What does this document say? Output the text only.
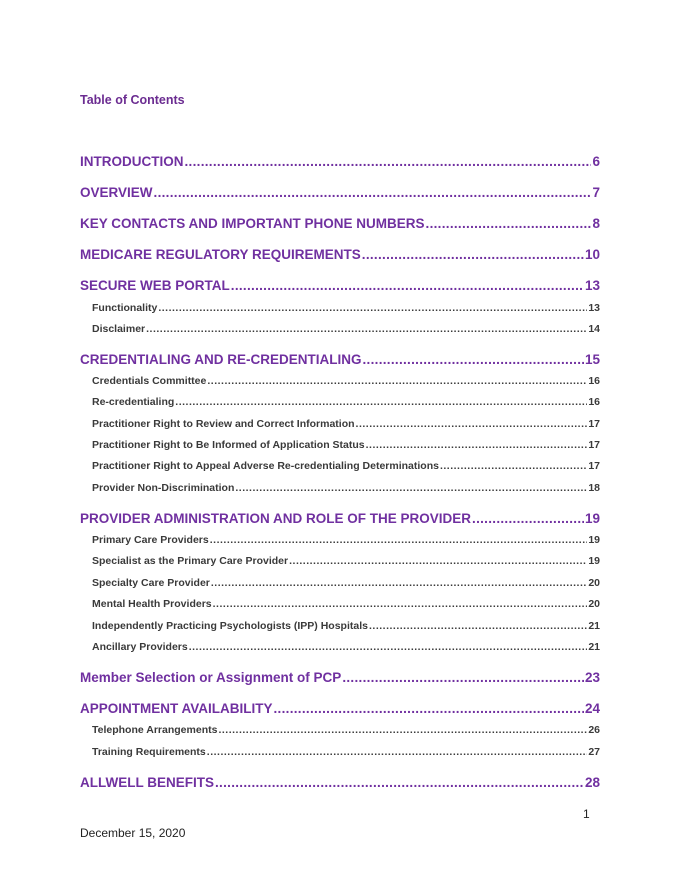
Table of Contents
INTRODUCTION .....	6
OVERVIEW .....	7
KEY CONTACTS AND IMPORTANT PHONE NUMBERS .....	8
MEDICARE REGULATORY REQUIREMENTS .....	10
SECURE WEB PORTAL .....	13
Functionality .....	13
Disclaimer .....	14
CREDENTIALING AND RE-CREDENTIALING .....	15
Credentials Committee .....	16
Re-credentialing .....	16
Practitioner Right to Review and Correct Information .....	17
Practitioner Right to Be Informed of Application Status .....	17
Practitioner Right to Appeal Adverse Re-credentialing Determinations .....	17
Provider Non-Discrimination .....	18
PROVIDER ADMINISTRATION AND ROLE OF THE PROVIDER .....	19
Primary Care Providers .....	19
Specialist as the Primary Care Provider .....	19
Specialty Care Provider .....	20
Mental Health Providers .....	20
Independently Practicing Psychologists (IPP) Hospitals .....	21
Ancillary Providers .....	21
Member Selection or Assignment of PCP .....	23
APPOINTMENT AVAILABILITY .....	24
Telephone Arrangements .....	26
Training Requirements .....	27
ALLWELL BENEFITS .....	28
1
December 15, 2020
